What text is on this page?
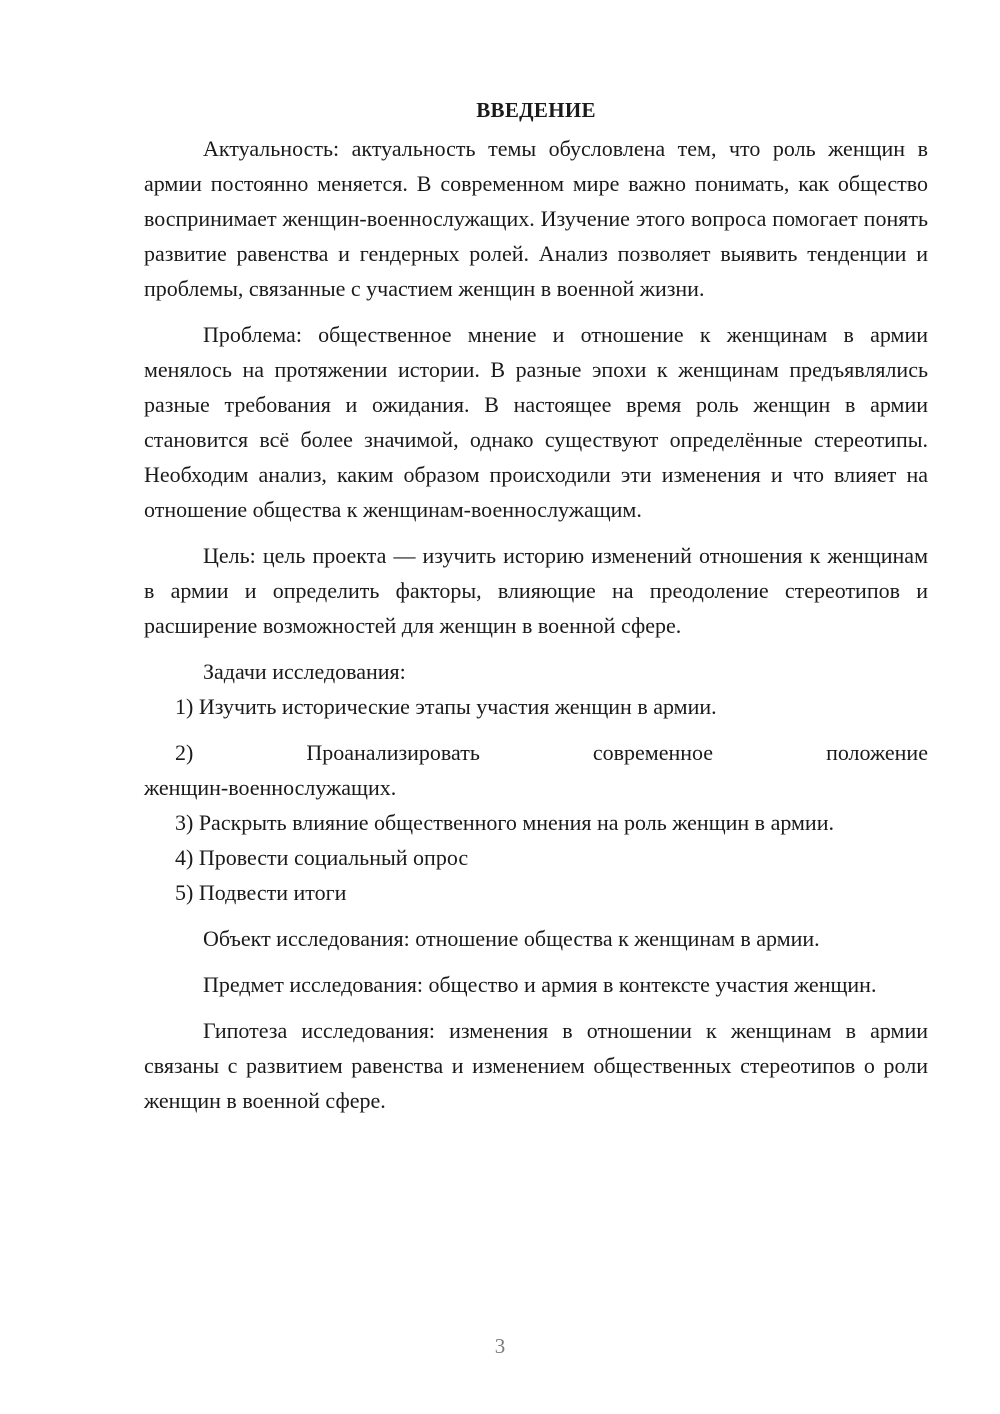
ВВЕДЕНИЕ

Актуальность: актуальность темы обусловлена тем, что роль женщин в армии постоянно меняется. В современном мире важно понимать, как общество воспринимает женщин-военнослужащих. Изучение этого вопроса помогает понять развитие равенства и гендерных ролей. Анализ позволяет выявить тенденции и проблемы, связанные с участием женщин в военной жизни.

Проблема: общественное мнение и отношение к женщинам в армии менялось на протяжении истории. В разные эпохи к женщинам предъявлялись разные требования и ожидания. В настоящее время роль женщин в армии становится всё более значимой, однако существуют определённые стереотипы. Необходим анализ, каким образом происходили эти изменения и что влияет на отношение общества к женщинам-военнослужащим.

Цель: цель проекта — изучить историю изменений отношения к женщинам в армии и определить факторы, влияющие на преодоление стереотипов и расширение возможностей для женщин в военной сфере.

Задачи исследования:

1) Изучить исторические этапы участия женщин в армии.

2)	Проанализировать	современное	положение
женщин-военнослужащих.

3) Раскрыть влияние общественного мнения на роль женщин в армии.

4) Провести социальный опрос

5) Подвести итоги

Объект исследования: отношение общества к женщинам в армии.

Предмет исследования: общество и армия в контексте участия женщин.

Гипотеза исследования: изменения в отношении к женщинам в армии связаны с развитием равенства и изменением общественных стереотипов о роли женщин в военной сфере.

3
